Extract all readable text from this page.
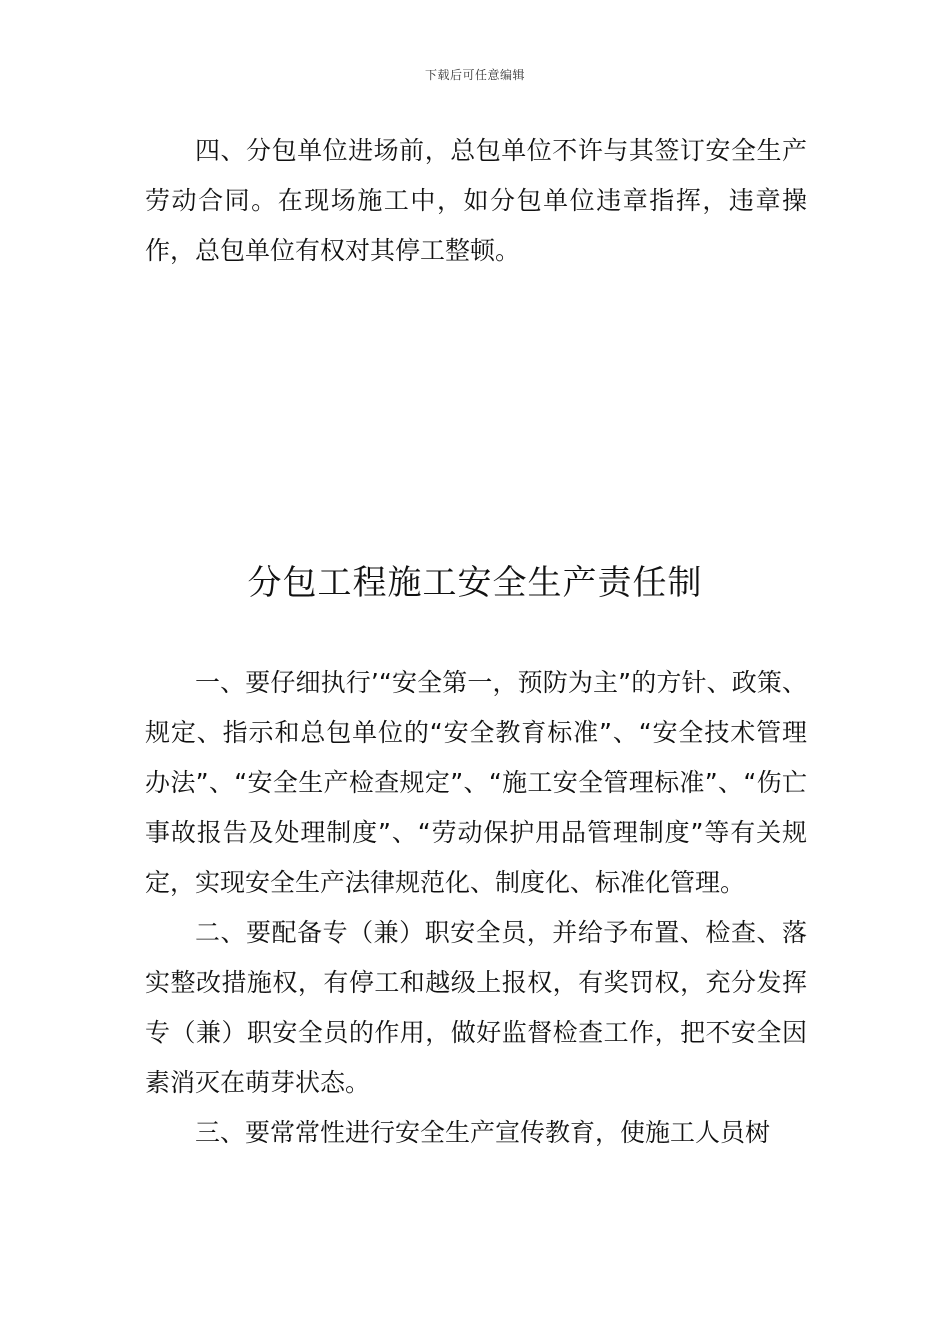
下载后可任意编辑

四、分包单位进场前，总包单位不许与其签订安全生产劳动合同。在现场施工中，如分包单位违章指挥，违章操作，总包单位有权对其停工整顿。

分包工程施工安全生产责任制

一、要仔细执行’“安全第一，预防为主”的方针、政策、规定、指示和总包单位的“安全教育标准”、“安全技术管理办法”、“安全生产检查规定”、“施工安全管理标准”、“伤亡事故报告及处理制度”、“劳动保护用品管理制度”等有关规定，实现安全生产法律规范化、制度化、标准化管理。

二、要配备专（兼）职安全员，并给予布置、检查、落实整改措施权，有停工和越级上报权，有奖罚权，充分发挥专（兼）职安全员的作用，做好监督检查工作，把不安全因素消灭在萌芽状态。

三、要常常性进行安全生产宣传教育，使施工人员树
